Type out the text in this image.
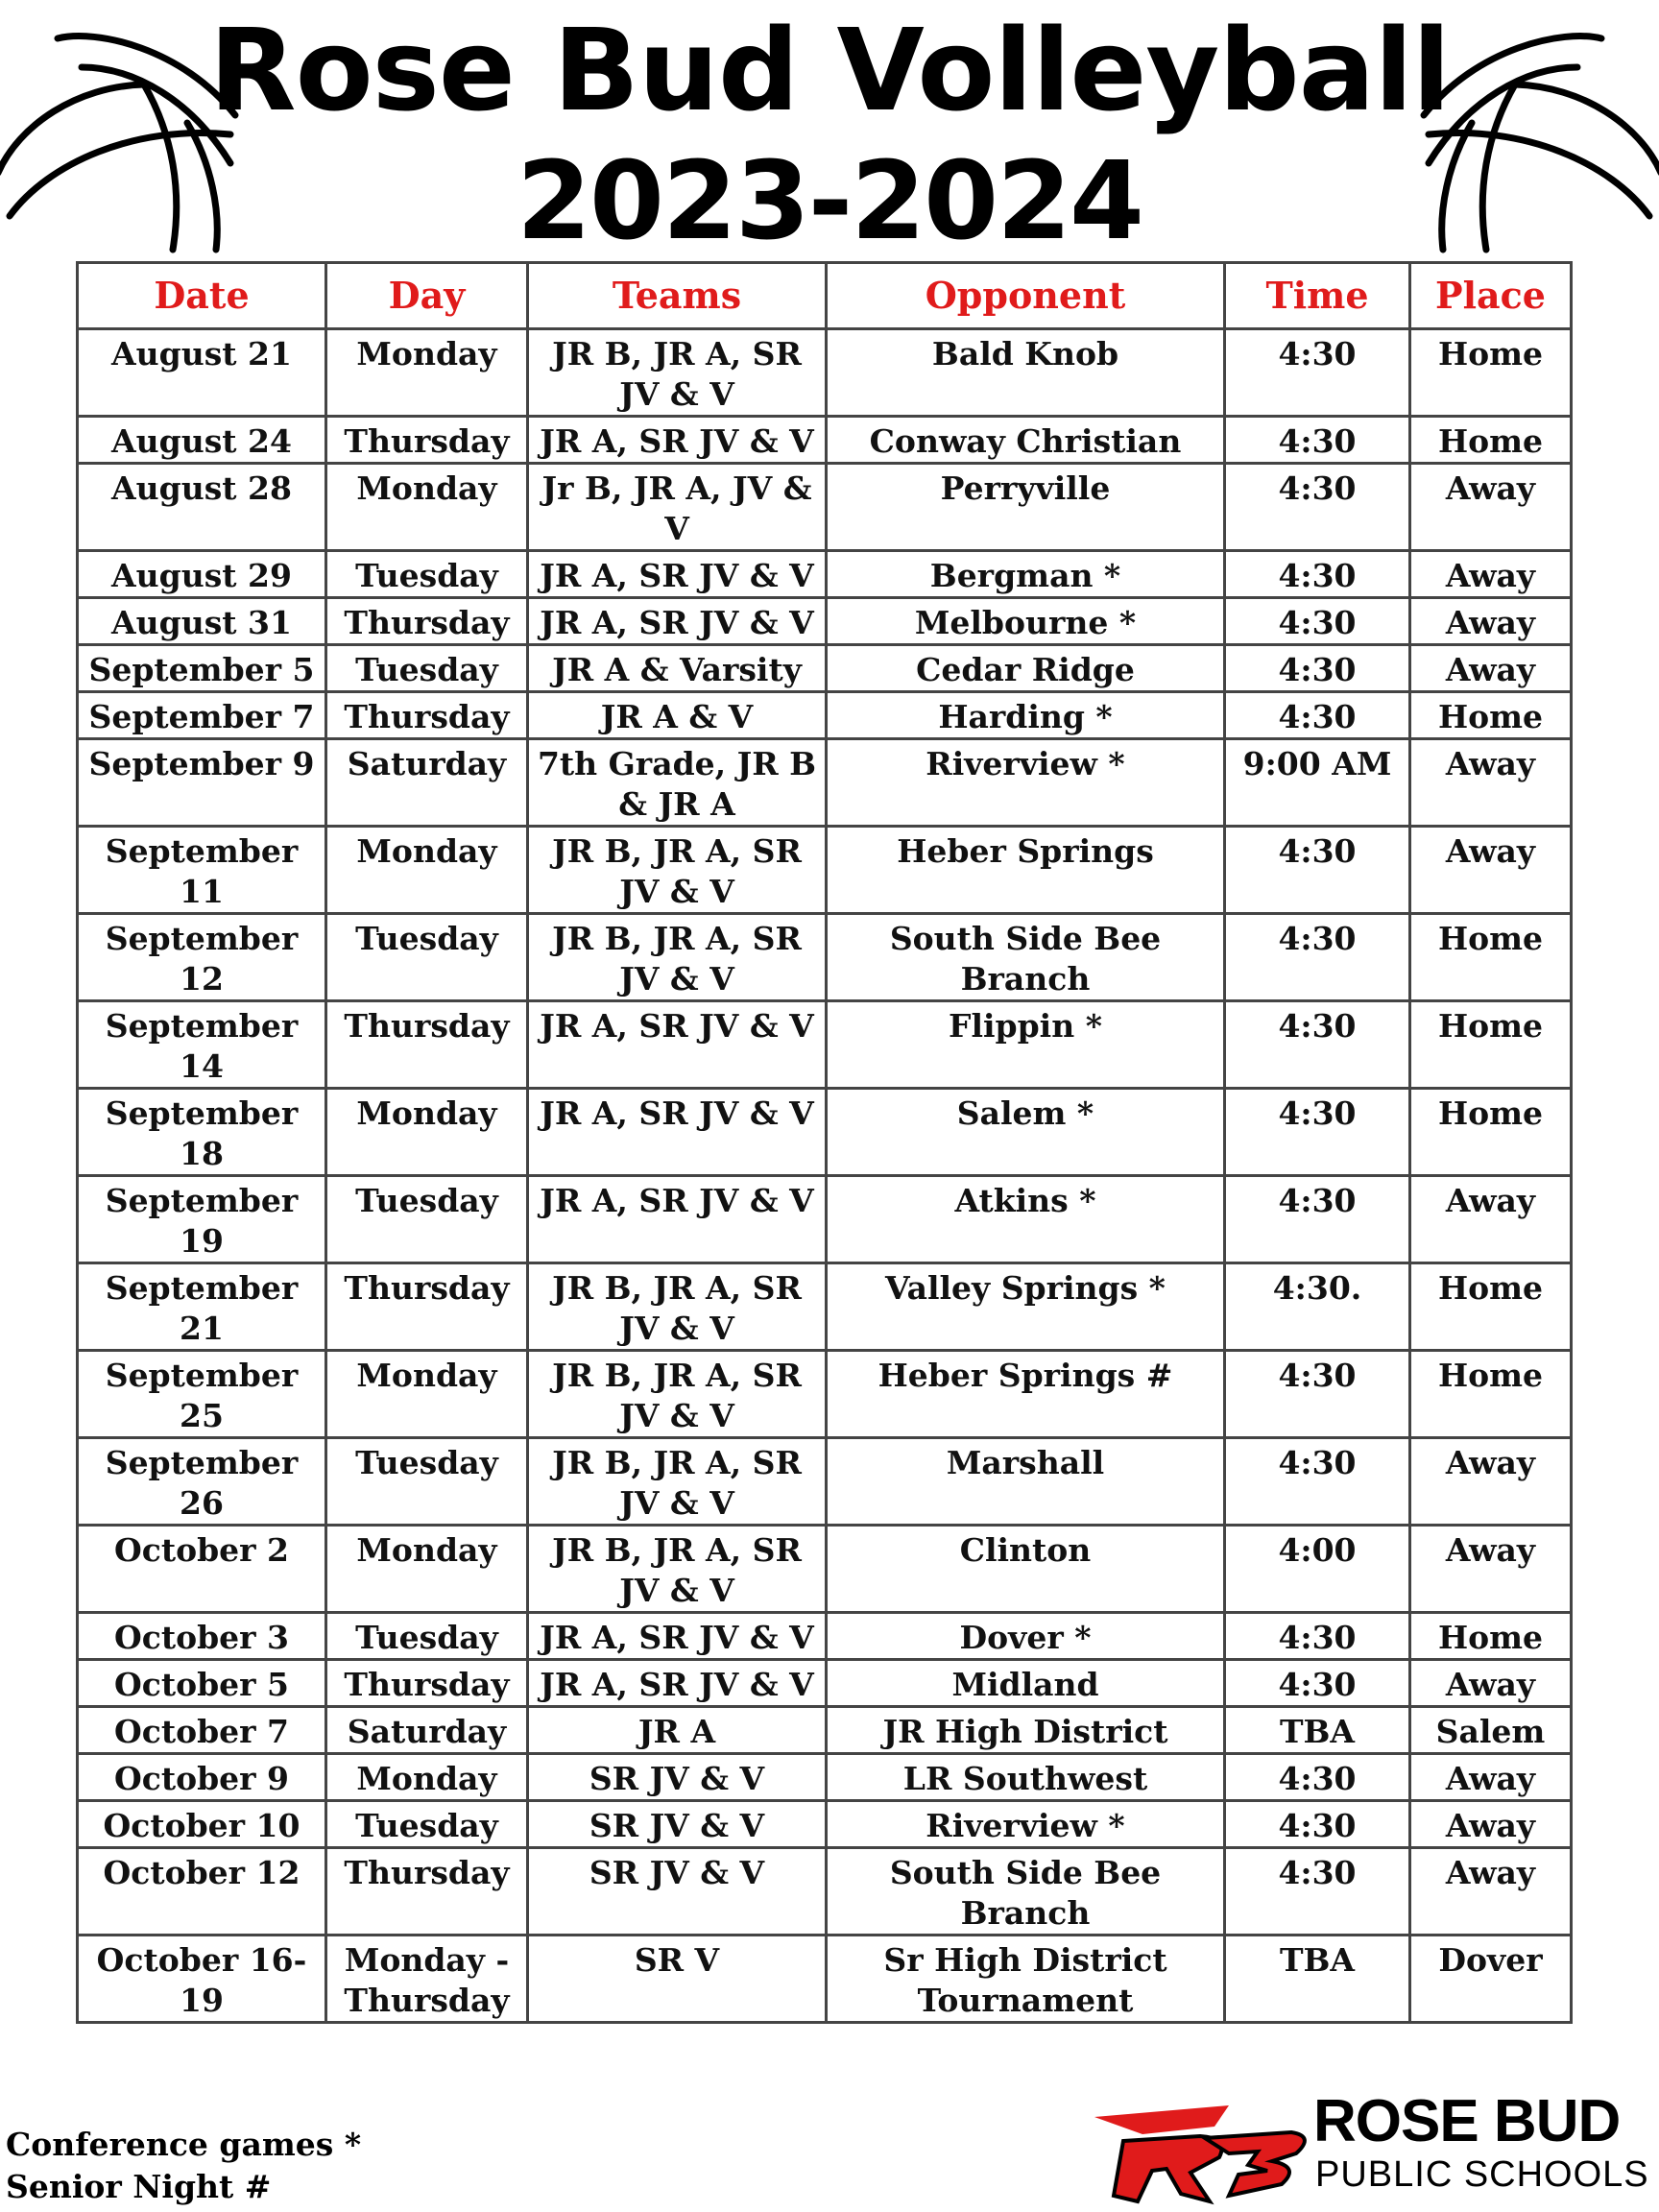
Rose Bud Volleyball
2023-2024
Date	Day	Teams	Opponent	Time	Place
August 21	Monday	JR B, JR A, SR JV & V	Bald Knob	4:30	Home
August 24	Thursday	JR A, SR JV & V	Conway Christian	4:30	Home
August 28	Monday	Jr B, JR A, JV & V	Perryville	4:30	Away
August 29	Tuesday	JR A, SR JV & V	Bergman *	4:30	Away
August 31	Thursday	JR A, SR JV & V	Melbourne *	4:30	Away
September 5	Tuesday	JR A & Varsity	Cedar Ridge	4:30	Away
September 7	Thursday	JR A & V	Harding *	4:30	Home
September 9	Saturday	7th Grade, JR B & JR A	Riverview *	9:00 AM	Away
September 11	Monday	JR B, JR A, SR JV & V	Heber Springs	4:30	Away
September 12	Tuesday	JR B, JR A, SR JV & V	South Side Bee Branch	4:30	Home
September 14	Thursday	JR A, SR JV & V	Flippin *	4:30	Home
September 18	Monday	JR A, SR JV & V	Salem *	4:30	Home
September 19	Tuesday	JR A, SR JV & V	Atkins *	4:30	Away
September 21	Thursday	JR B, JR A, SR JV & V	Valley Springs *	4:30.	Home
September 25	Monday	JR B, JR A, SR JV & V	Heber Springs #	4:30	Home
September 26	Tuesday	JR B, JR A, SR JV & V	Marshall	4:30	Away
October 2	Monday	JR B, JR A, SR JV & V	Clinton	4:00	Away
October 3	Tuesday	JR A, SR JV & V	Dover *	4:30	Home
October 5	Thursday	JR A, SR JV & V	Midland	4:30	Away
October 7	Saturday	JR A	JR High District	TBA	Salem
October 9	Monday	SR JV & V	LR Southwest	4:30	Away
October 10	Tuesday	SR JV & V	Riverview *	4:30	Away
October 12	Thursday	SR JV & V	South Side Bee Branch	4:30	Away
October 16-19	Monday - Thursday	SR V	Sr High District Tournament	TBA	Dover
Conference games *
Senior Night #
ROSE BUD
PUBLIC SCHOOLS
